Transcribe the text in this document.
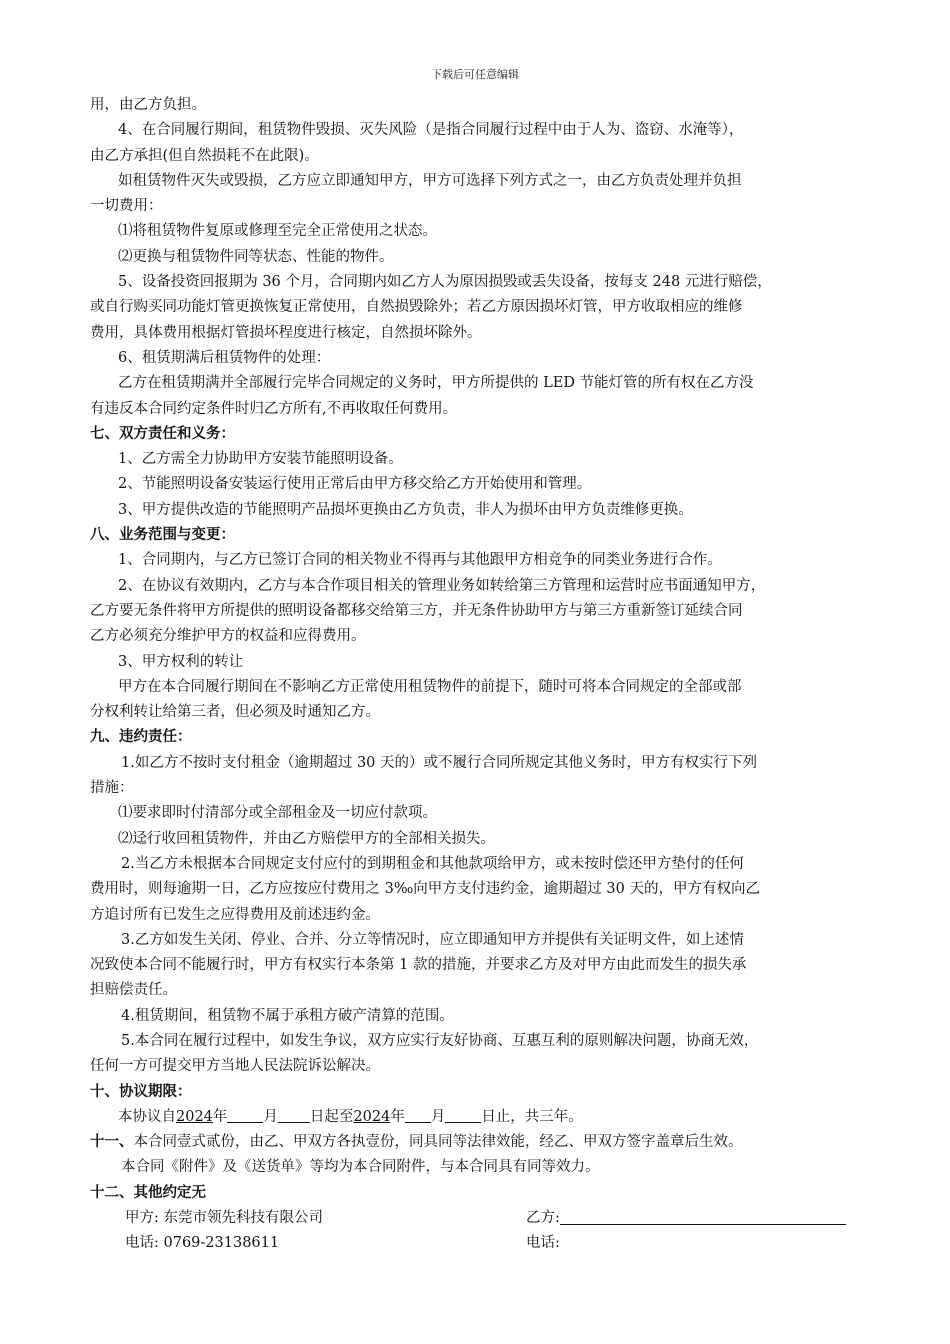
下载后可任意编辑
用，由乙方负担。
4、在合同履行期间，租赁物件毁损、灭失风险（是指合同履行过程中由于人为、盗窃、水淹等），
由乙方承担(但自然损耗不在此限)。
如租赁物件灭失或毁损，乙方应立即通知甲方，甲方可选择下列方式之一，由乙方负责处理并负担
一切费用：
⑴将租赁物件复原或修理至完全正常使用之状态。
⑵更换与租赁物件同等状态、性能的物件。
5、设备投资回报期为 36 个月，合同期内如乙方人为原因损毁或丢失设备，按每支 248 元进行赔偿，
或自行购买同功能灯管更换恢复正常使用，自然损毁除外；若乙方原因损坏灯管，甲方收取相应的维修
费用，具体费用根据灯管损坏程度进行核定，自然损坏除外。
6、租赁期满后租赁物件的处理：
乙方在租赁期满并全部履行完毕合同规定的义务时，甲方所提供的 LED 节能灯管的所有权在乙方没
有违反本合同约定条件时归乙方所有,不再收取任何费用。
七、双方责任和义务：
1、乙方需全力协助甲方安装节能照明设备。
2、节能照明设备安装运行使用正常后由甲方移交给乙方开始使用和管理。
3、甲方提供改造的节能照明产品损坏更换由乙方负责，非人为损坏由甲方负责维修更换。
八、业务范围与变更：
1、合同期内，与乙方已签订合同的相关物业不得再与其他跟甲方相竞争的同类业务进行合作。
2、在协议有效期内，乙方与本合作项目相关的管理业务如转给第三方管理和运营时应书面通知甲方，
乙方要无条件将甲方所提供的照明设备都移交给第三方，并无条件协助甲方与第三方重新签订延续合同
乙方必须充分维护甲方的权益和应得费用。
3、甲方权利的转让
甲方在本合同履行期间在不影响乙方正常使用租赁物件的前提下，随时可将本合同规定的全部或部
分权利转让给第三者，但必须及时通知乙方。
九、违约责任：
1.如乙方不按时支付租金（逾期超过 30 天的）或不履行合同所规定其他义务时，甲方有权实行下列
措施：
⑴要求即时付清部分或全部租金及一切应付款项。
⑵迳行收回租赁物件，并由乙方赔偿甲方的全部相关损失。
2.当乙方未根据本合同规定支付应付的到期租金和其他款项给甲方，或未按时偿还甲方垫付的任何
费用时，则每逾期一日，乙方应按应付费用之 3‰向甲方支付违约金，逾期超过 30 天的，甲方有权向乙
方追讨所有已发生之应得费用及前述违约金。
3.乙方如发生关闭、停业、合并、分立等情况时，应立即通知甲方并提供有关证明文件，如上述情
况致使本合同不能履行时，甲方有权实行本条第 1 款的措施，并要求乙方及对甲方由此而发生的损失承
担赔偿责任。
4.租赁期间，租赁物不属于承租方破产清算的范围。
5.本合同在履行过程中，如发生争议，双方应实行友好协商、互惠互利的原则解决问题，协商无效，
任何一方可提交甲方当地人民法院诉讼解决。
十、协议期限：
本协议自2024年 月 日起至2024年 月 日止，共三年。
十一、本合同壹式贰份，由乙、甲双方各执壹份，同具同等法律效能，经乙、甲双方签字盖章后生效。
本合同《附件》及《送货单》等均为本合同附件，与本合同具有同等效力。
十二、其他约定无
甲方: 东莞市领先科技有限公司	乙方:
电话: 0769-23138611	电话:
